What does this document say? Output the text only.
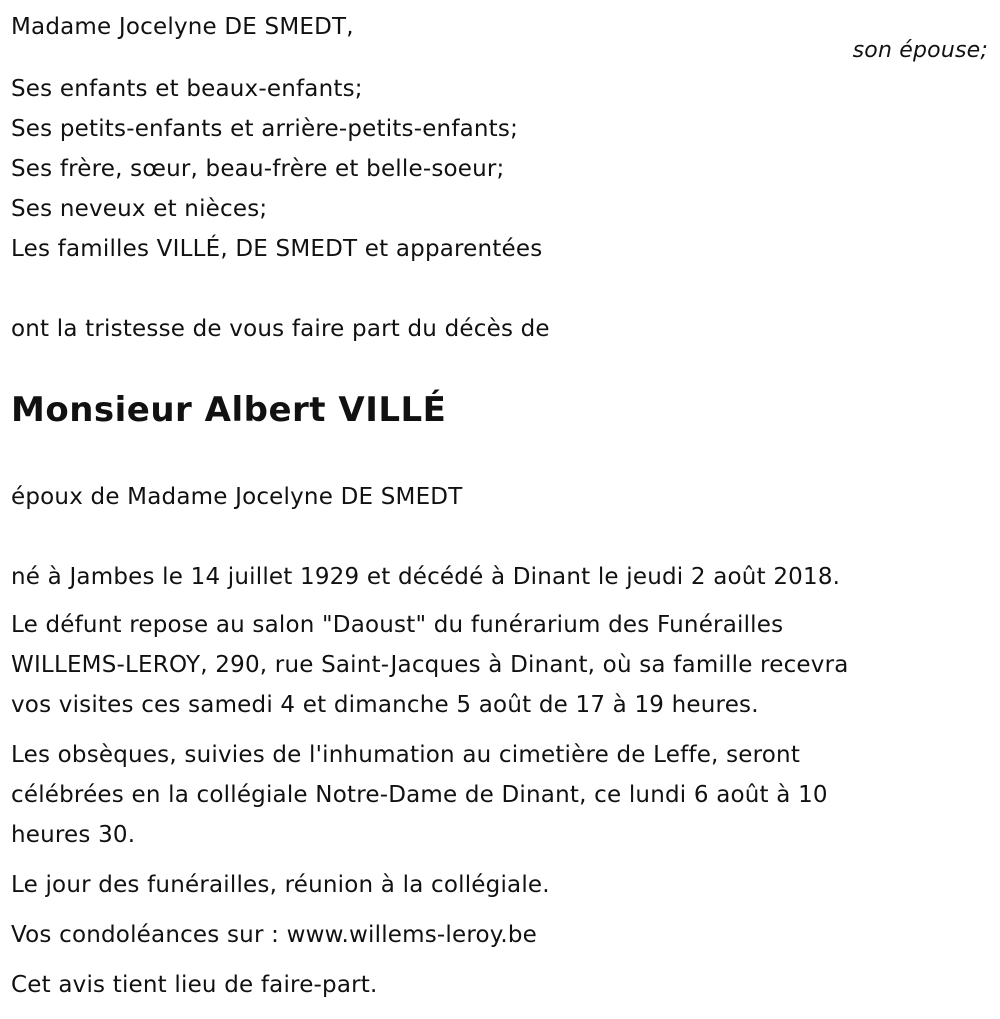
Madame Jocelyne DE SMEDT,
son épouse;
Ses enfants et beaux-enfants;
Ses petits-enfants et arrière-petits-enfants;
Ses frère, sœur, beau-frère et belle-soeur;
Ses neveux et nièces;
Les familles VILLÉ, DE SMEDT et apparentées
ont la tristesse de vous faire part du décès de
Monsieur Albert VILLÉ
époux de Madame Jocelyne DE SMEDT
né à Jambes le 14 juillet 1929 et décédé à Dinant le jeudi 2 août 2018.
Le défunt repose au salon "Daoust" du funérarium des Funérailles
WILLEMS-LEROY, 290, rue Saint-Jacques à Dinant, où sa famille recevra
vos visites ces samedi 4 et dimanche 5 août de 17 à 19 heures.
Les obsèques, suivies de l'inhumation au cimetière de Leffe, seront
célébrées en la collégiale Notre-Dame de Dinant, ce lundi 6 août à 10
heures 30.
Le jour des funérailles, réunion à la collégiale.
Vos condoléances sur : www.willems-leroy.be
Cet avis tient lieu de faire-part.
